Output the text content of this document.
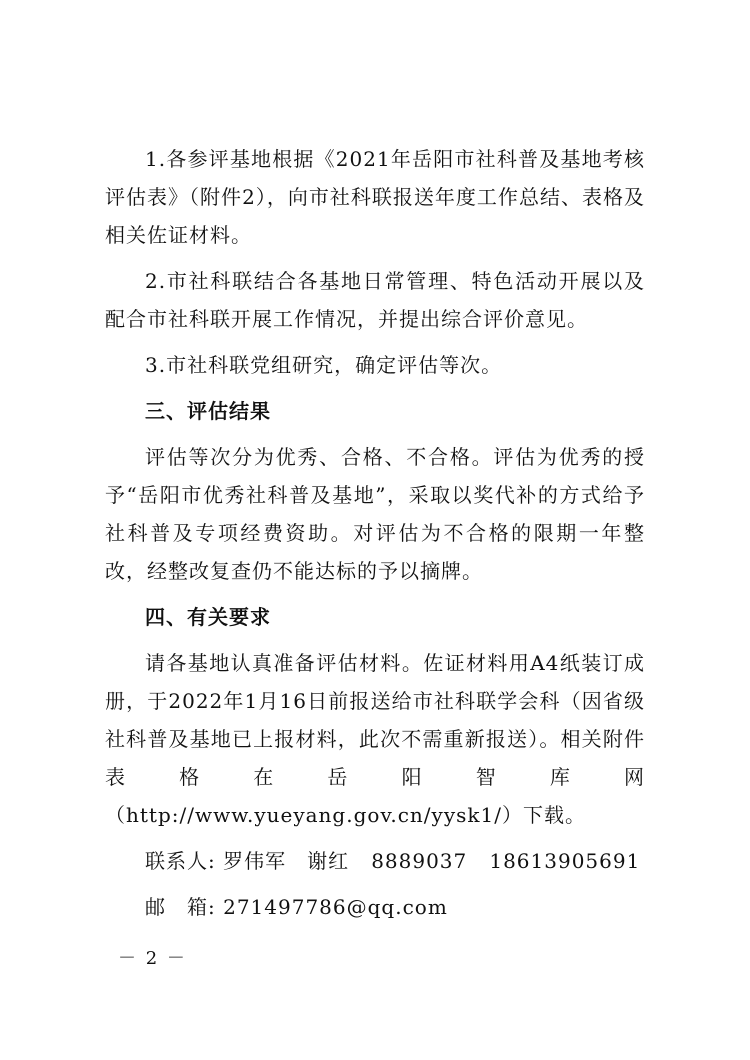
1.各参评基地根据《2021年岳阳市社科普及基地考核评估表》（附件2），向市社科联报送年度工作总结、表格及相关佐证材料。

2.市社科联结合各基地日常管理、特色活动开展以及配合市社科联开展工作情况，并提出综合评价意见。

3.市社科联党组研究，确定评估等次。

三、评估结果

评估等次分为优秀、合格、不合格。评估为优秀的授予“岳阳市优秀社科普及基地”，采取以奖代补的方式给予社科普及专项经费资助。对评估为不合格的限期一年整改，经整改复查仍不能达标的予以摘牌。

四、有关要求

请各基地认真准备评估材料。佐证材料用A4纸装订成册，于2022年1月16日前报送给市社科联学会科（因省级社科普及基地已上报材料，此次不需重新报送）。相关附件表格在岳阳智库网（http://www.yueyang.gov.cn/yysk1/）下载。

联系人: 罗伟军　谢红 8889037 18613905691
邮　箱: 271497786@qq.com
－ 2 －
